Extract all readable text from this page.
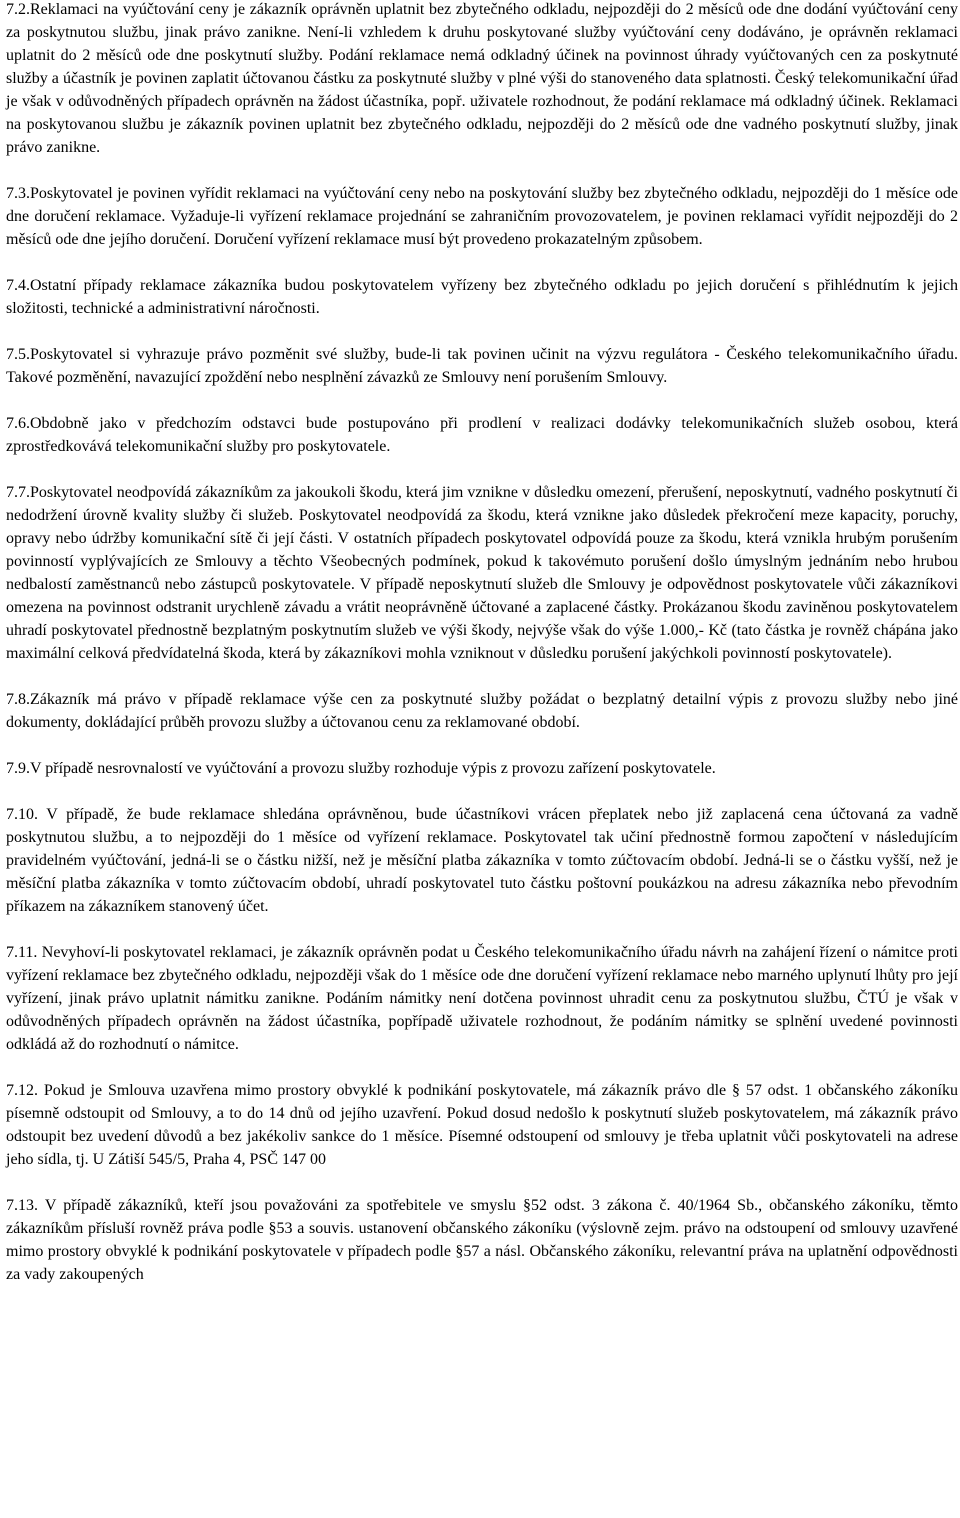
7.2.Reklamaci na vyúčtování ceny je zákazník oprávněn uplatnit bez zbytečného odkladu, nejpozději do 2 měsíců ode dne dodání vyúčtování ceny za poskytnutou službu, jinak právo zanikne. Není-li vzhledem k druhu poskytované služby vyúčtování ceny dodáváno, je oprávněn reklamaci uplatnit do 2 měsíců ode dne poskytnutí služby. Podání reklamace nemá odkladný účinek na povinnost úhrady vyúčtovaných cen za poskytnuté služby a účastník je povinen zaplatit účtovanou částku za poskytnuté služby v plné výši do stanoveného data splatnosti. Český telekomunikační úřad je však v odůvodněných případech oprávněn na žádost účastníka, popř. uživatele rozhodnout, že podání reklamace má odkladný účinek. Reklamaci na poskytovanou službu je zákazník povinen uplatnit bez zbytečného odkladu, nejpozději do 2 měsíců ode dne vadného poskytnutí služby, jinak právo zanikne.

7.3.Poskytovatel je povinen vyřídit reklamaci na vyúčtování ceny nebo na poskytování služby bez zbytečného odkladu, nejpozději do 1 měsíce ode dne doručení reklamace. Vyžaduje-li vyřízení reklamace projednání se zahraničním provozovatelem, je povinen reklamaci vyřídit nejpozději do 2 měsíců ode dne jejího doručení. Doručení vyřízení reklamace musí být provedeno prokazatelným způsobem.

7.4.Ostatní případy reklamace zákazníka budou poskytovatelem vyřízeny bez zbytečného odkladu po jejich doručení s přihlédnutím k jejich složitosti, technické a administrativní náročnosti.

7.5.Poskytovatel si vyhrazuje právo pozměnit své služby, bude-li tak povinen učinit na výzvu regulátora - Českého telekomunikačního úřadu. Takové pozměnění, navazující zpoždění nebo nesplnění závazků ze Smlouvy není porušením Smlouvy.

7.6.Obdobně jako v předchozím odstavci bude postupováno při prodlení v realizaci dodávky telekomunikačních služeb osobou, která zprostředkovává telekomunikační služby pro poskytovatele.

7.7.Poskytovatel neodpovídá zákazníkům za jakoukoli škodu, která jim vznikne v důsledku omezení, přerušení, neposkytnutí, vadného poskytnutí či nedodržení úrovně kvality služby či služeb. Poskytovatel neodpovídá za škodu, která vznikne jako důsledek překročení meze kapacity, poruchy, opravy nebo údržby komunikační sítě či její části. V ostatních případech poskytovatel odpovídá pouze za škodu, která vznikla hrubým porušením povinností vyplývajících ze Smlouvy a těchto Všeobecných podmínek, pokud k takovémuto porušení došlo úmyslným jednáním nebo hrubou nedbalostí zaměstnanců nebo zástupců poskytovatele. V případě neposkytnutí služeb dle Smlouvy je odpovědnost poskytovatele vůči zákazníkovi omezena na povinnost odstranit urychleně závadu a vrátit neoprávněně účtované a zaplacené částky. Prokázanou škodu zaviněnou poskytovatelem uhradí poskytovatel přednostně bezplatným poskytnutím služeb ve výši škody, nejvýše však do výše 1.000,- Kč (tato částka je rovněž chápána jako maximální celková předvídatelná škoda, která by zákazníkovi mohla vzniknout v důsledku porušení jakýchkoli povinností poskytovatele).

7.8.Zákazník má právo v případě reklamace výše cen za poskytnuté služby požádat o bezplatný detailní výpis z provozu služby nebo jiné dokumenty, dokládající průběh provozu služby a účtovanou cenu za reklamované období.

7.9.V případě nesrovnalostí ve vyúčtování a provozu služby rozhoduje výpis z provozu zařízení poskytovatele.

7.10. V případě, že bude reklamace shledána oprávněnou, bude účastníkovi vrácen přeplatek nebo již zaplacená cena účtovaná za vadně poskytnutou službu, a to nejpozději do 1 měsíce od vyřízení reklamace. Poskytovatel tak učiní přednostně formou započtení v následujícím pravidelném vyúčtování, jedná-li se o částku nižší, než je měsíční platba zákazníka v tomto zúčtovacím období. Jedná-li se o částku vyšší, než je měsíční platba zákazníka v tomto zúčtovacím období, uhradí poskytovatel tuto částku poštovní poukázkou na adresu zákazníka nebo převodním příkazem na zákazníkem stanovený účet.

7.11. Nevyhoví-li poskytovatel reklamaci, je zákazník oprávněn podat u Českého telekomunikačního úřadu návrh na zahájení řízení o námitce proti vyřízení reklamace bez zbytečného odkladu, nejpozději však do 1 měsíce ode dne doručení vyřízení reklamace nebo marného uplynutí lhůty pro její vyřízení, jinak právo uplatnit námitku zanikne. Podáním námitky není dotčena povinnost uhradit cenu za poskytnutou službu, ČTÚ je však v odůvodněných případech oprávněn na žádost účastníka, popřípadě uživatele rozhodnout, že podáním námitky se splnění uvedené povinnosti odkládá až do rozhodnutí o námitce.

7.12. Pokud je Smlouva uzavřena mimo prostory obvyklé k podnikání poskytovatele, má zákazník právo dle § 57 odst. 1 občanského zákoníku písemně odstoupit od Smlouvy, a to do 14 dnů od jejího uzavření. Pokud dosud nedošlo k poskytnutí služeb poskytovatelem, má zákazník právo odstoupit bez uvedení důvodů a bez jakékoliv sankce do 1 měsíce. Písemné odstoupení od smlouvy je třeba uplatnit vůči poskytovateli na adrese jeho sídla, tj. U Zátiší 545/5, Praha 4, PSČ 147 00

7.13. V případě zákazníků, kteří jsou považováni za spotřebitele ve smyslu §52 odst. 3 zákona č. 40/1964 Sb., občanského zákoníku, těmto zákazníkům přísluší rovněž práva podle §53 a souvis. ustanovení občanského zákoníku (výslovně zejm. právo na odstoupení od smlouvy uzavřené mimo prostory obvyklé k podnikání poskytovatele v případech podle §57 a násl. Občanského zákoníku, relevantní práva na uplatnění odpovědnosti za vady zakoupených
